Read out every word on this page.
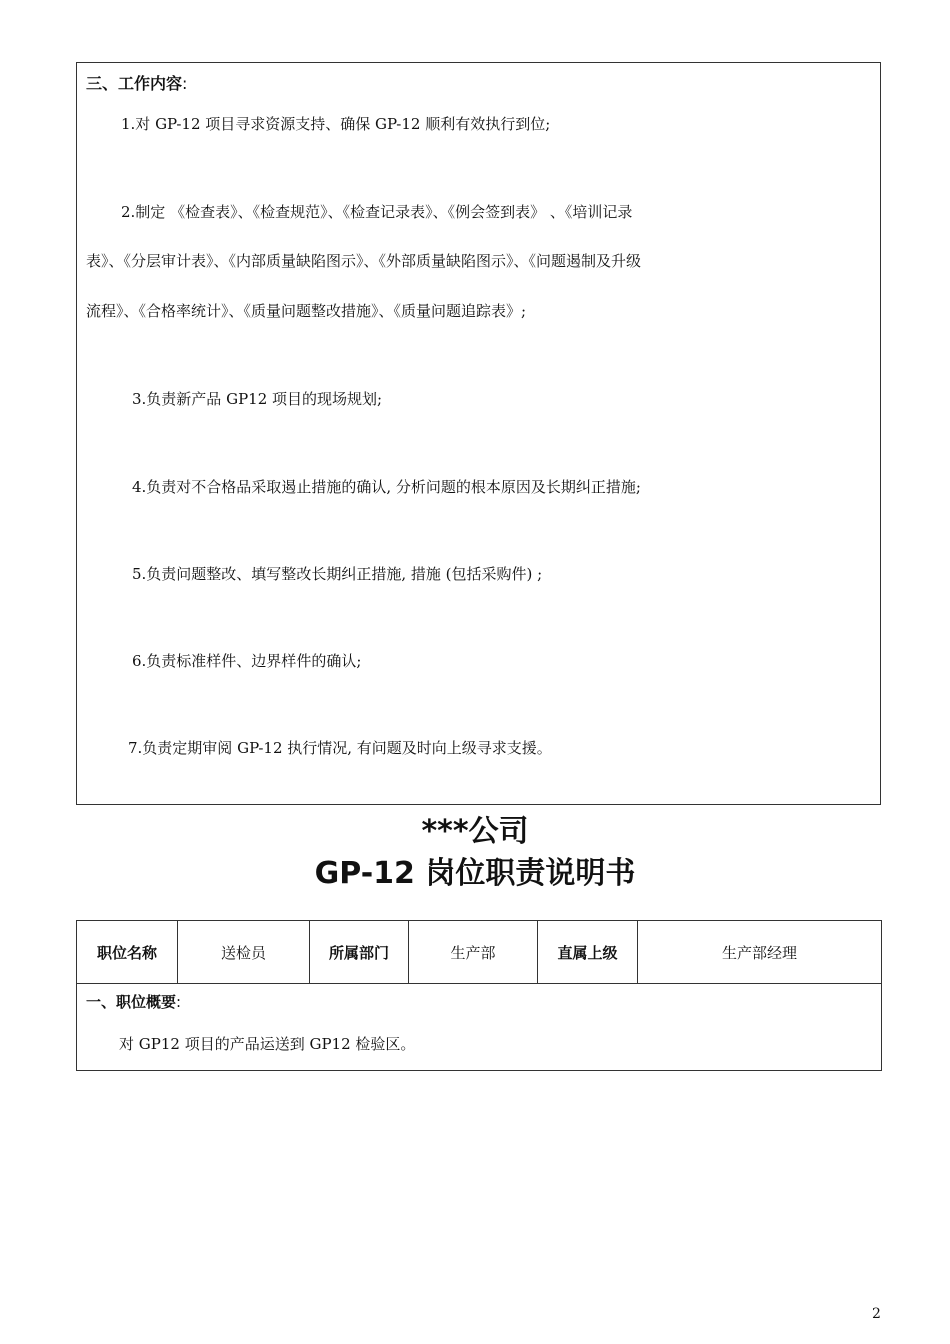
三、工作内容:
1.对 GP-12 项目寻求资源支持、确保 GP-12 顺利有效执行到位;
2.制定 《检查表》、《检查规范》、《检查记录表》、《例会签到表》 、《培训记录
表》、《分层审计表》、《内部质量缺陷图示》、《外部质量缺陷图示》、《问题遏制及升级
流程》、《合格率统计》、《质量问题整改措施》、《质量问题追踪表》;
3.负责新产品 GP12 项目的现场规划;
4.负责对不合格品采取遏止措施的确认, 分析问题的根本原因及长期纠正措施;
5.负责问题整改、填写整改长期纠正措施, 措施 (包括采购件) ;
6.负责标准样件、边界样件的确认;
7.负责定期审阅 GP-12 执行情况, 有问题及时向上级寻求支援。
***公司
GP-12 岗位职责说明书
职位名称	送检员	所属部门	生产部	直属上级	生产部经理
一、职位概要:
对 GP12 项目的产品运送到 GP12 检验区。
2
